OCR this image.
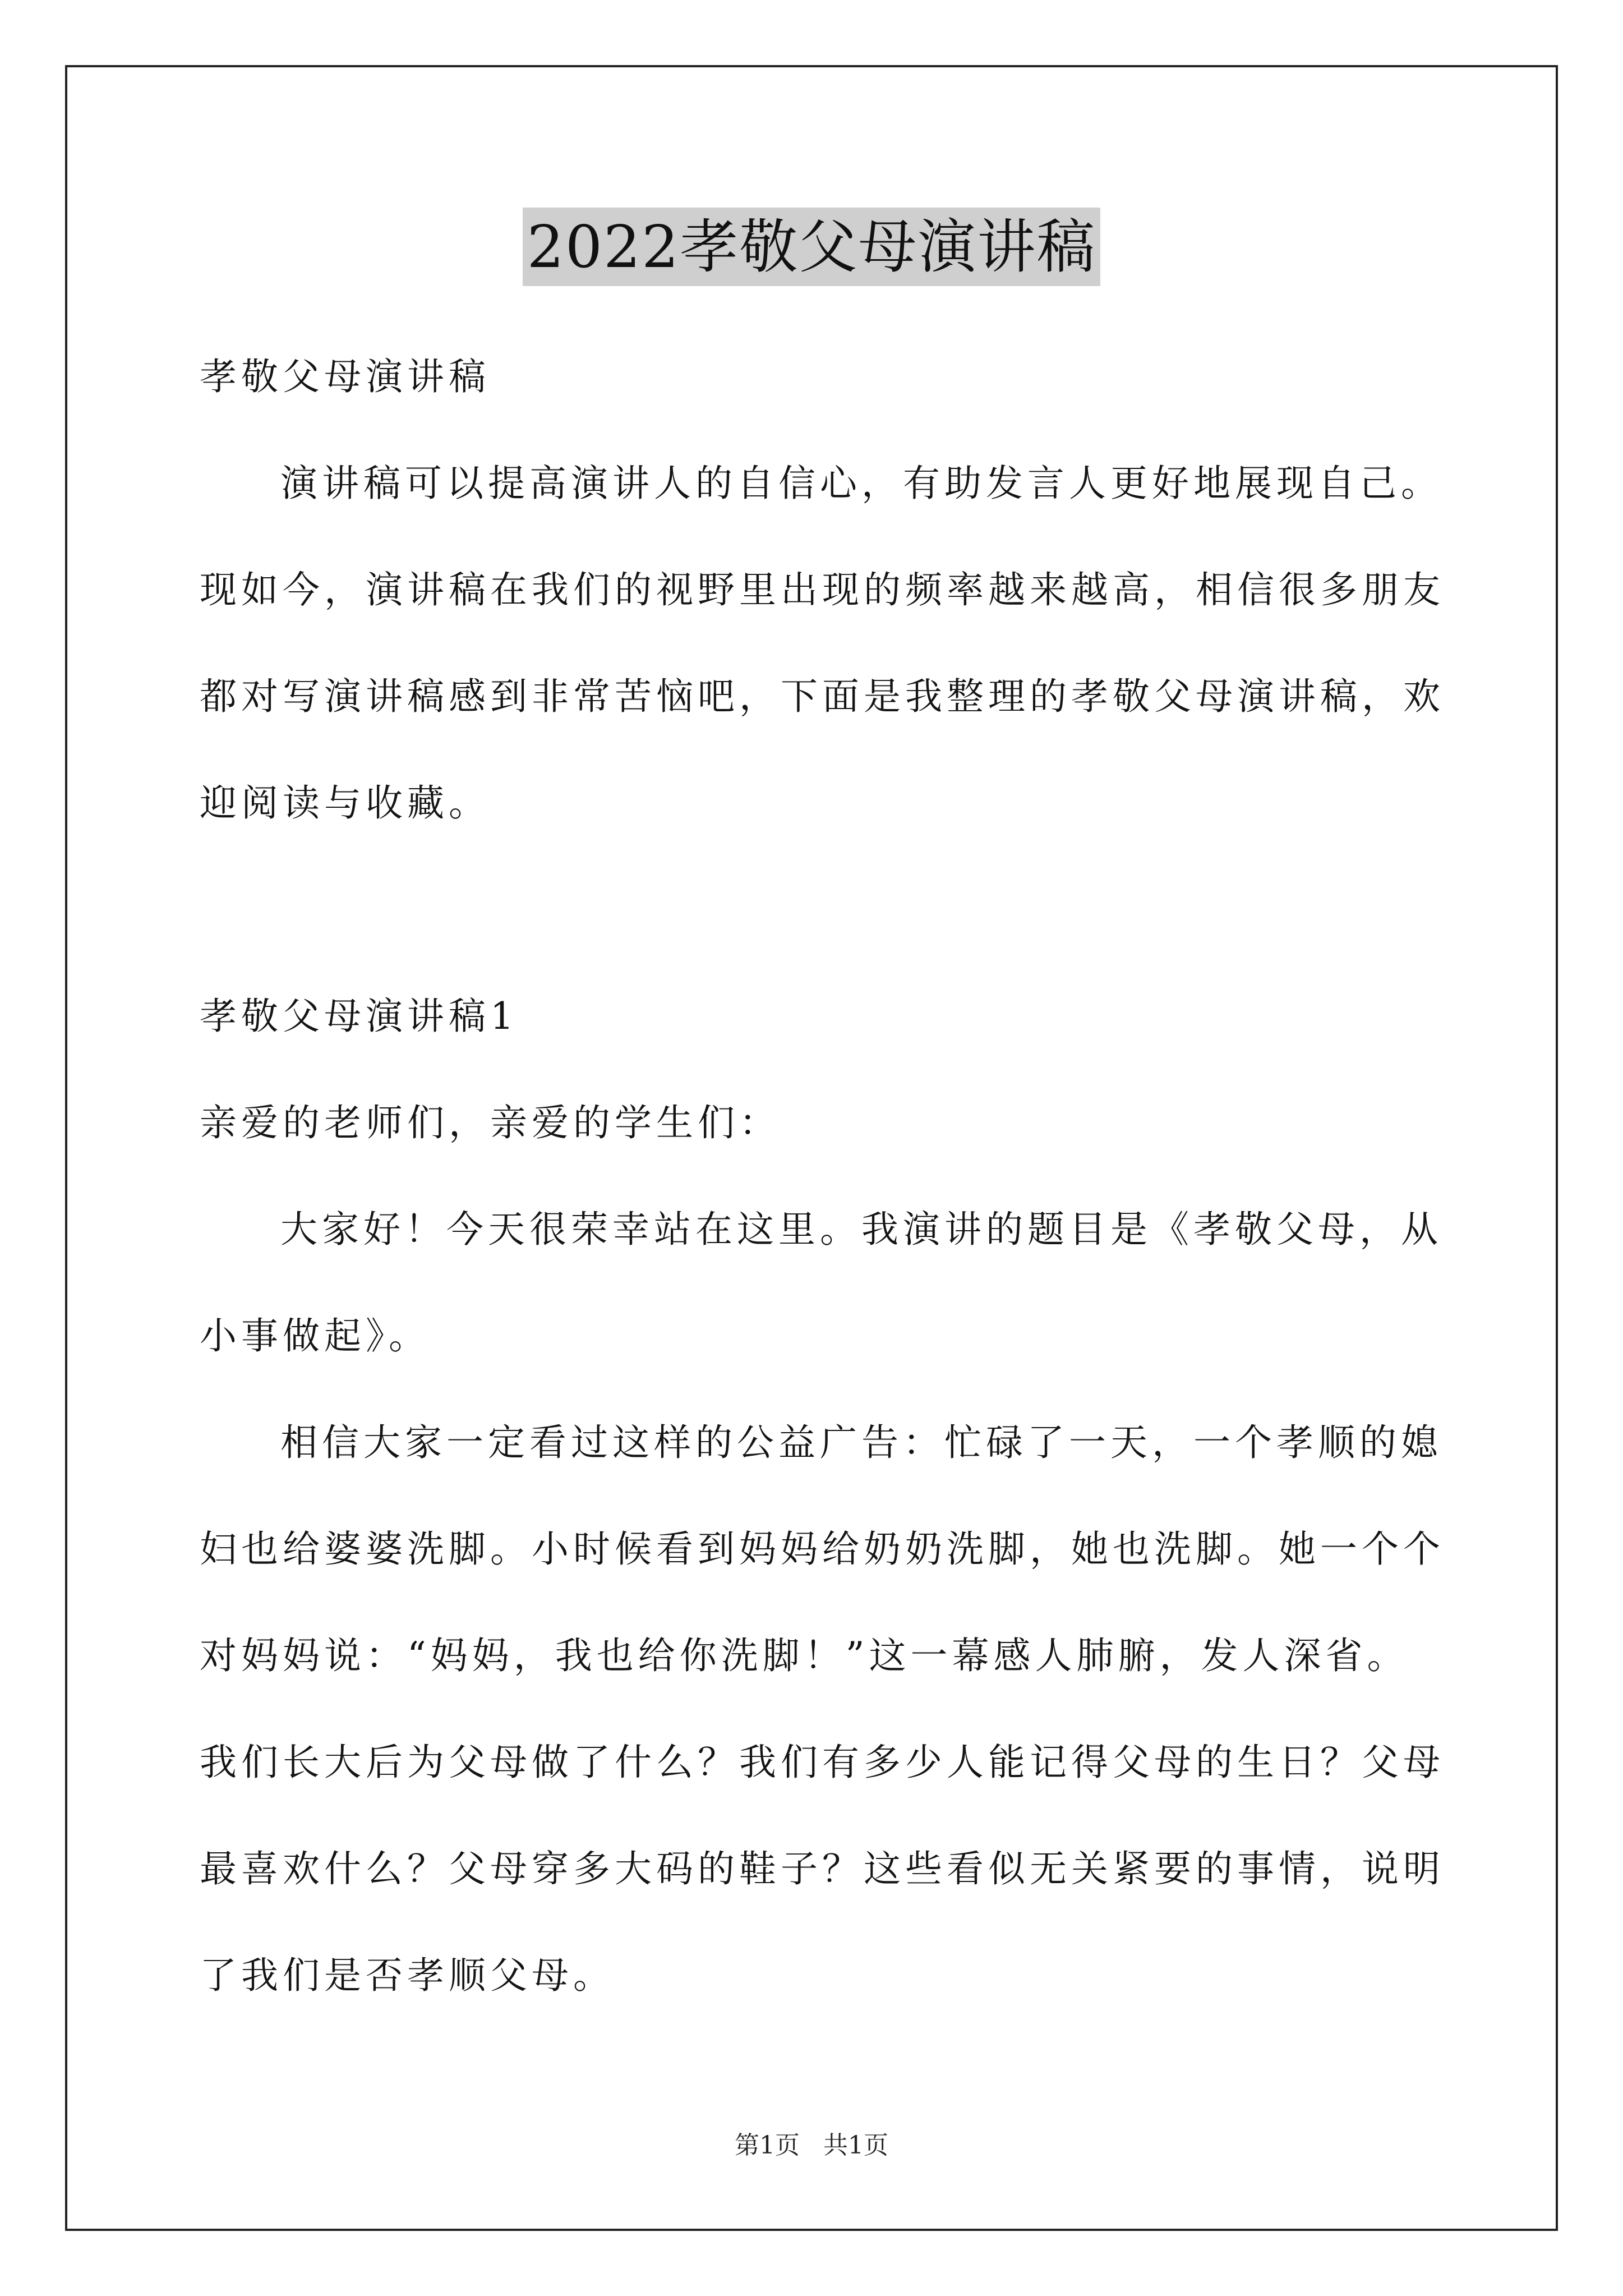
2022孝敬父母演讲稿
孝敬父母演讲稿
演讲稿可以提高演讲人的自信心，有助发言人更好地展现自己。
现如今，演讲稿在我们的视野里出现的频率越来越高，相信很多朋友
都对写演讲稿感到非常苦恼吧，下面是我整理的孝敬父母演讲稿，欢
迎阅读与收藏。
孝敬父母演讲稿1
亲爱的老师们，亲爱的学生们：
大家好！今天很荣幸站在这里。我演讲的题目是《孝敬父母，从
小事做起》。
相信大家一定看过这样的公益广告：忙碌了一天，一个孝顺的媳
妇也给婆婆洗脚。小时候看到妈妈给奶奶洗脚，她也洗脚。她一个个
对妈妈说：“妈妈，我也给你洗脚！”这一幕感人肺腑，发人深省。
我们长大后为父母做了什么？我们有多少人能记得父母的生日？父母
最喜欢什么？父母穿多大码的鞋子？这些看似无关紧要的事情，说明
了我们是否孝顺父母。
第1页   共1页
